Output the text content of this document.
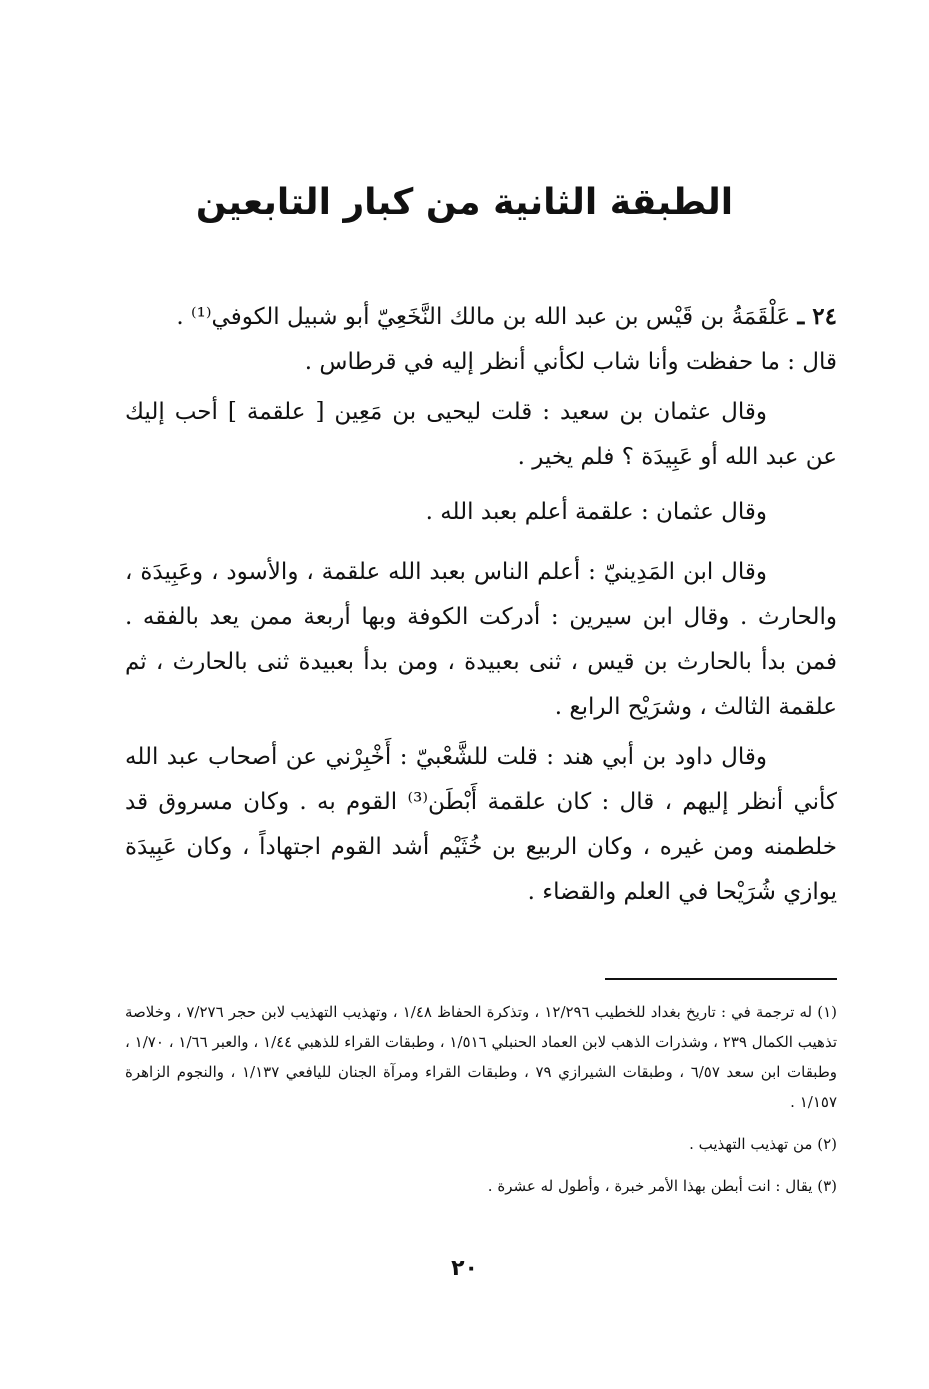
الطبقة الثانية من كبار التابعين

٢٤ ـ عَلْقَمَةُ بن قَيْس بن عبد الله بن مالك النَّخَعِيّ أبو شبيل الكوفي⁽¹⁾ .

قال : ما حفظت وأنا شاب لكأني أنظر إليه في قرطاس .

وقال عثمان بن سعيد : قلت ليحيى بن مَعِين [ علقمة ] أحب إليك عن عبد الله أو عَبِيدَة ؟ فلم يخير .

وقال عثمان : علقمة أعلم بعبد الله .

وقال ابن المَدِينيّ : أعلم الناس بعبد الله علقمة ، والأسود ، وعَبِيدَة ، والحارث . وقال ابن سيرين : أدركت الكوفة وبها أربعة ممن يعد بالفقه . فمن بدأ بالحارث بن قيس ، ثنى بعبيدة ، ومن بدأ بعبيدة ثنى بالحارث ، ثم علقمة الثالث ، وشرَيْح الرابع .

وقال داود بن أبي هند : قلت للشَّعْبيّ : أَخْبِرْني عن أصحاب عبد الله كأني أنظر إليهم ، قال : كان علقمة أَبْطَن⁽³⁾ القوم به . وكان مسروق قد خلطمنه ومن غيره ، وكان الربيع بن خُثَيْم أشد القوم اجتهاداً ، وكان عَبِيدَة يوازي شُرَيْحا في العلم والقضاء .

(١) له ترجمة في : تاريخ بغداد للخطيب ١٢/٢٩٦ ، وتذكرة الحفاظ ١/٤٨ ، وتهذيب التهذيب لابن حجر ٧/٢٧٦ ، وخلاصة تذهيب الكمال ٢٣٩ ، وشذرات الذهب لابن العماد الحنبلي ١/٥١٦ ، وطبقات القراء للذهبي ١/٤٤ ، والعبر ١/٦٦ ، ١/٧٠ ، وطبقات ابن سعد ٦/٥٧ ، وطبقات الشيرازي ٧٩ ، وطبقات القراء ومرآة الجنان لليافعي ١/١٣٧ ، والنجوم الزاهرة ١/١٥٧ .

(٢) من تهذيب التهذيب .

(٣) يقال : انت أبطن بهذا الأمر خبرة ، وأطول له عشرة .

٢٠
